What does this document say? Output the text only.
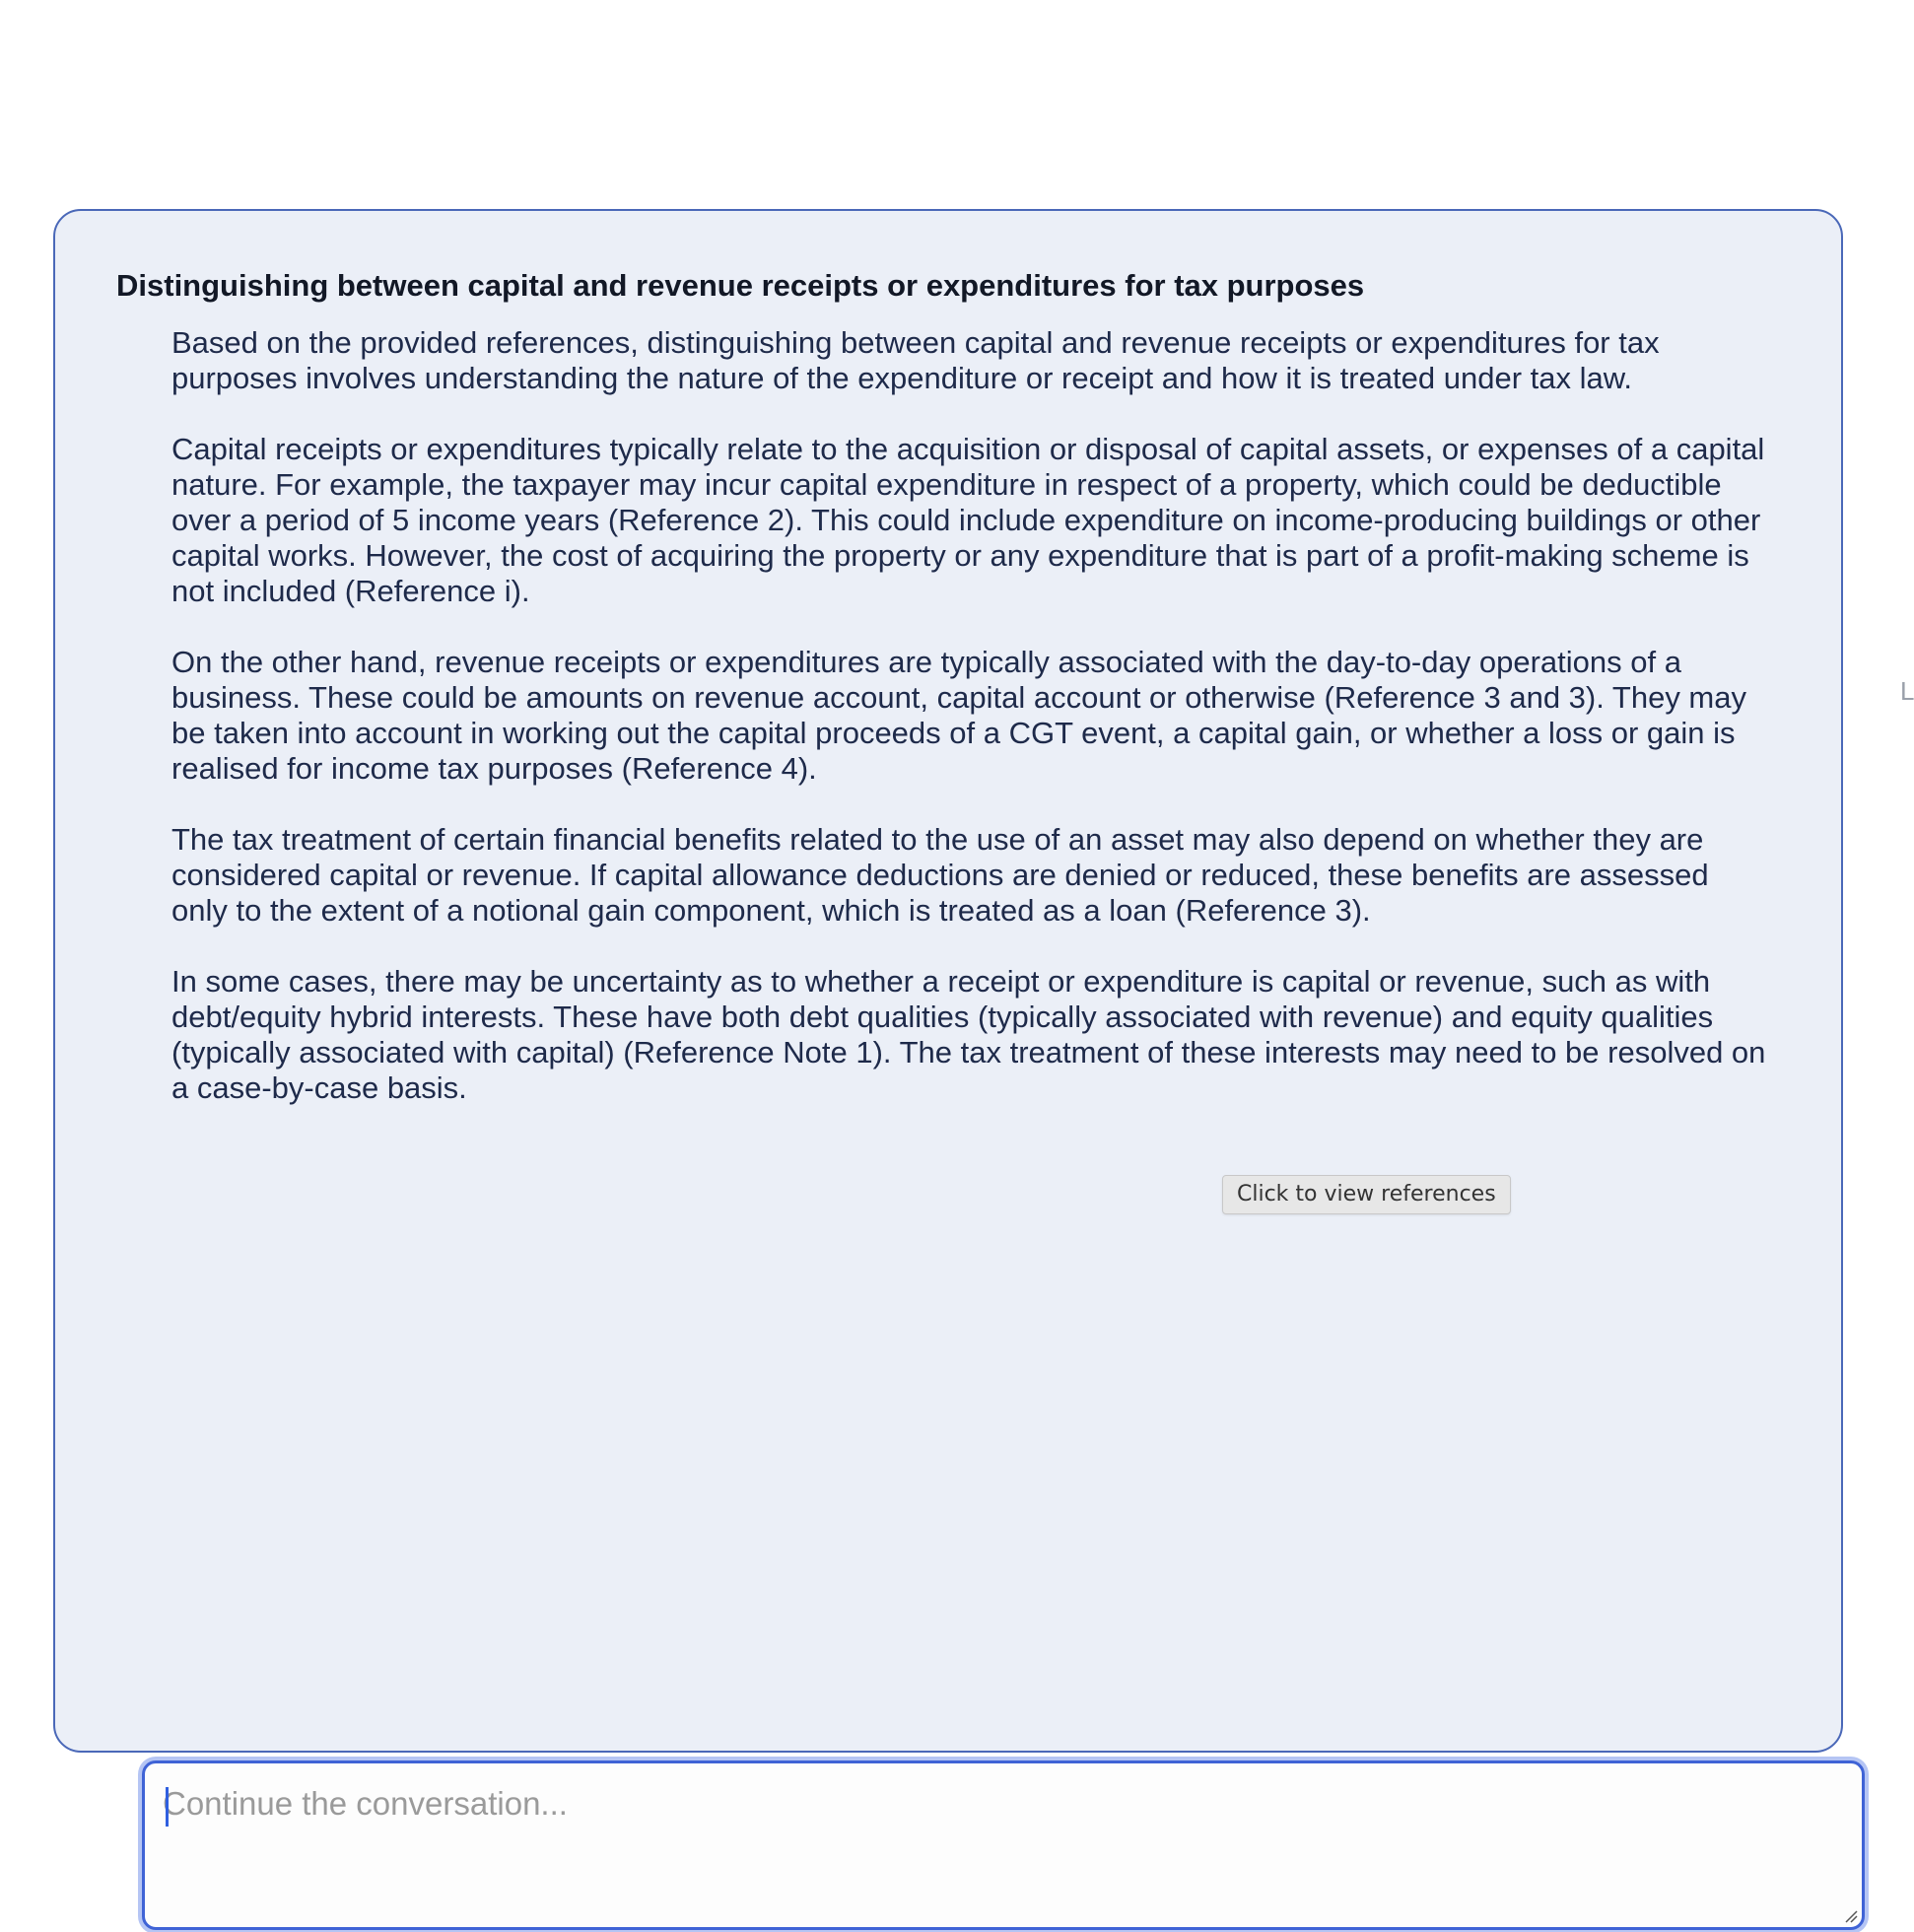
Distinguishing between capital and revenue receipts or expenditures for tax purposes

Based on the provided references, distinguishing between capital and revenue receipts or expenditures for tax purposes involves understanding the nature of the expenditure or receipt and how it is treated under tax law.

Capital receipts or expenditures typically relate to the acquisition or disposal of capital assets, or expenses of a capital nature. For example, the taxpayer may incur capital expenditure in respect of a property, which could be deductible over a period of 5 income years (Reference 2). This could include expenditure on income-producing buildings or other capital works. However, the cost of acquiring the property or any expenditure that is part of a profit-making scheme is not included (Reference i).

On the other hand, revenue receipts or expenditures are typically associated with the day-to-day operations of a business. These could be amounts on revenue account, capital account or otherwise (Reference 3 and 3). They may be taken into account in working out the capital proceeds of a CGT event, a capital gain, or whether a loss or gain is realised for income tax purposes (Reference 4).

The tax treatment of certain financial benefits related to the use of an asset may also depend on whether they are considered capital or revenue. If capital allowance deductions are denied or reduced, these benefits are assessed only to the extent of a notional gain component, which is treated as a loan (Reference 3).

In some cases, there may be uncertainty as to whether a receipt or expenditure is capital or revenue, such as with debt/equity hybrid interests. These have both debt qualities (typically associated with revenue) and equity qualities (typically associated with capital) (Reference Note 1). The tax treatment of these interests may need to be resolved on a case-by-case basis.

Click to view references
Continue the conversation...
L
